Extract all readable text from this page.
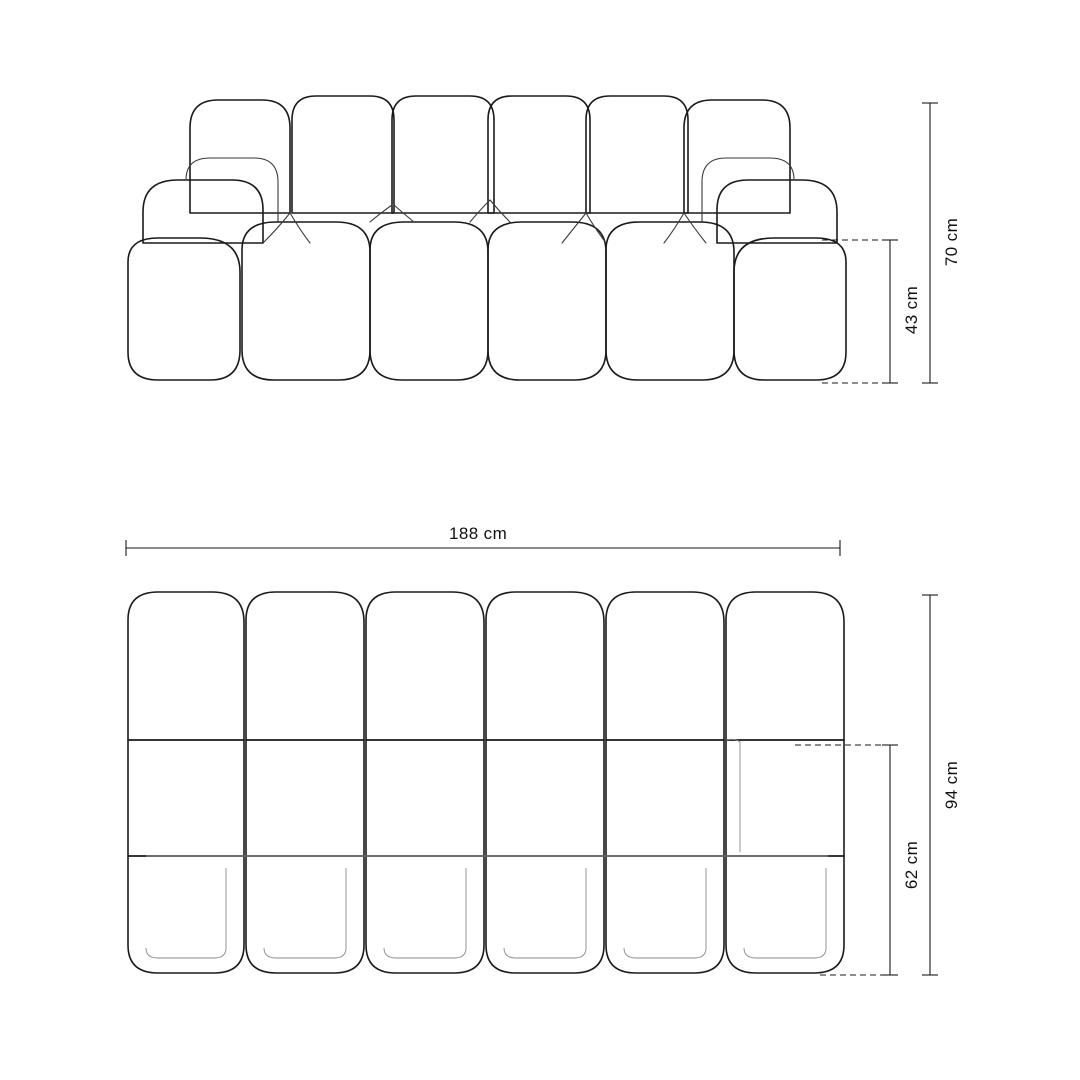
70 cm
43 cm
188 cm
94 cm
62 cm
